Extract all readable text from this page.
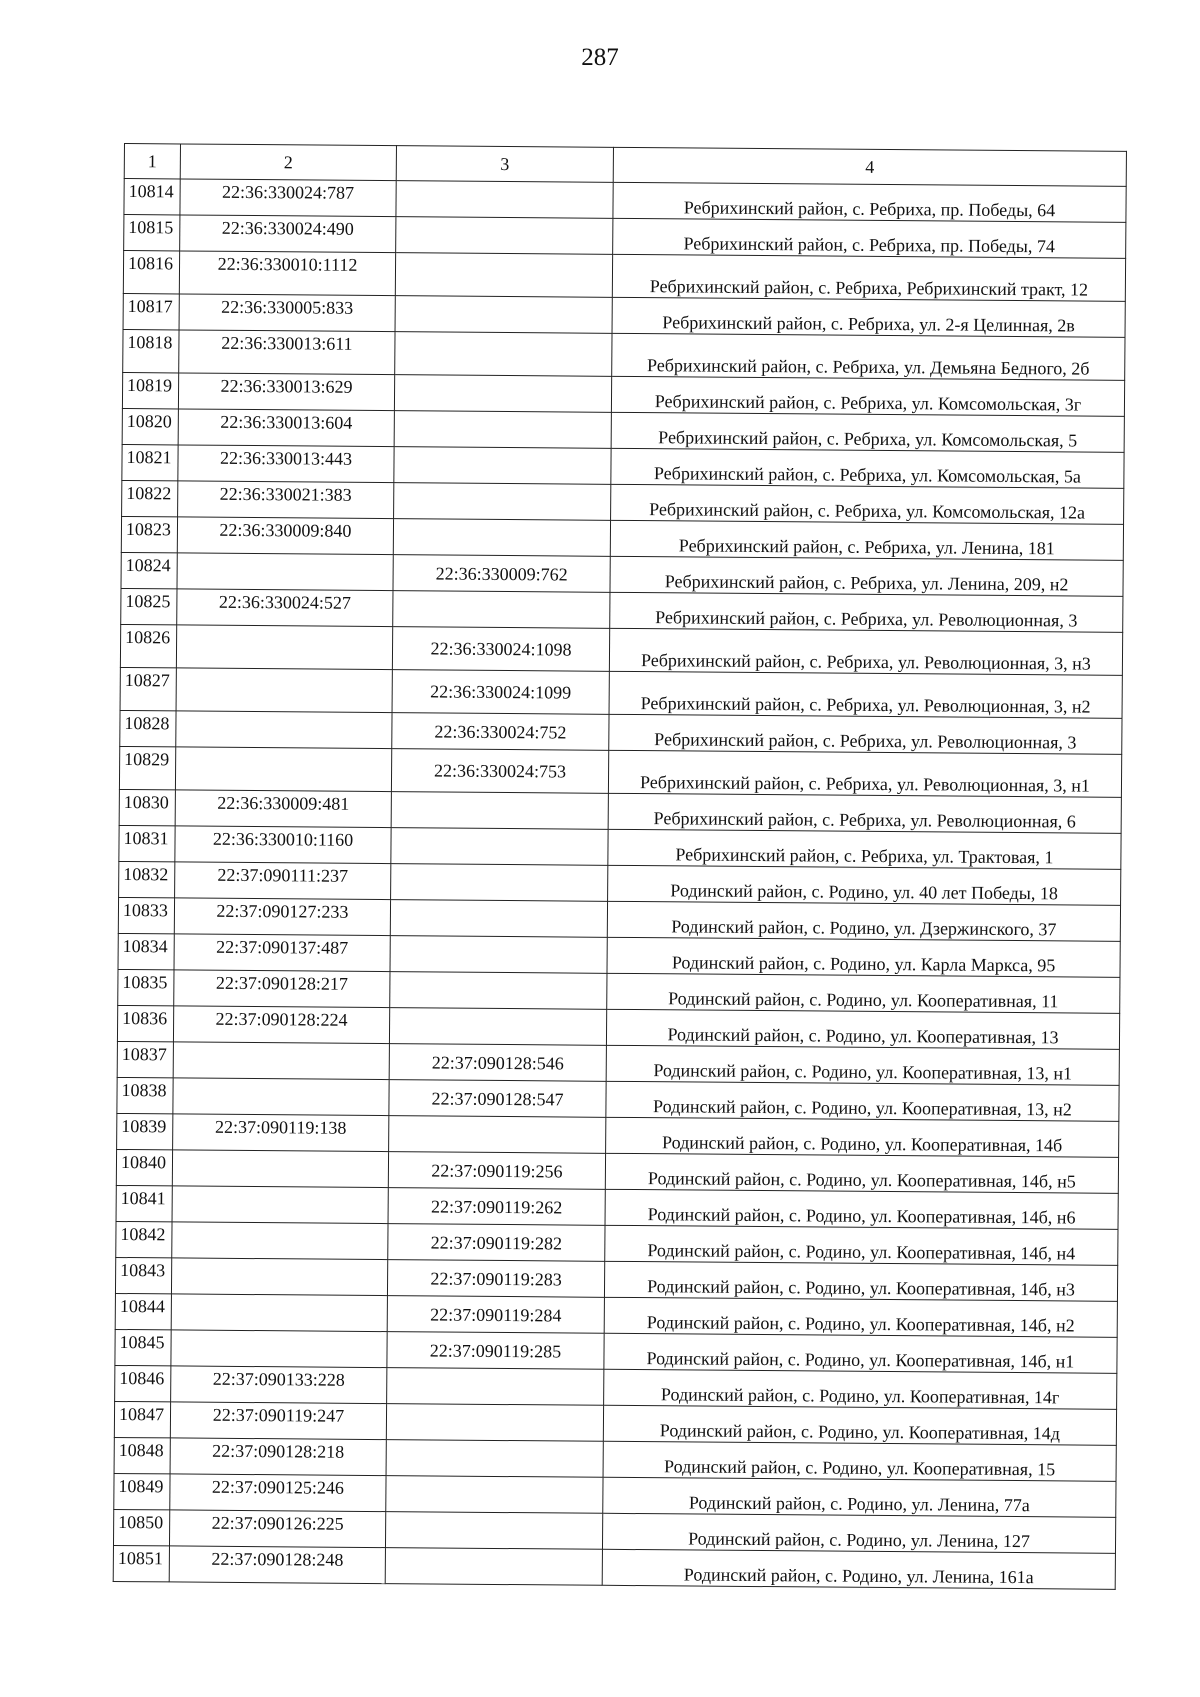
287
1	2	3	4
10814	22:36:330024:787		Ребрихинский район, с. Ребриха, пр. Победы, 64
10815	22:36:330024:490		Ребрихинский район, с. Ребриха, пр. Победы, 74
10816	22:36:330010:1112		Ребрихинский район, с. Ребриха, Ребрихинский тракт, 12
10817	22:36:330005:833		Ребрихинский район, с. Ребриха, ул. 2-я Целинная, 2в
10818	22:36:330013:611		Ребрихинский район, с. Ребриха, ул. Демьяна Бедного, 2б
10819	22:36:330013:629		Ребрихинский район, с. Ребриха, ул. Комсомольская, 3г
10820	22:36:330013:604		Ребрихинский район, с. Ребриха, ул. Комсомольская, 5
10821	22:36:330013:443		Ребрихинский район, с. Ребриха, ул. Комсомольская, 5а
10822	22:36:330021:383		Ребрихинский район, с. Ребриха, ул. Комсомольская, 12а
10823	22:36:330009:840		Ребрихинский район, с. Ребриха, ул. Ленина, 181
10824		22:36:330009:762	Ребрихинский район, с. Ребриха, ул. Ленина, 209, н2
10825	22:36:330024:527		Ребрихинский район, с. Ребриха, ул. Революционная, 3
10826		22:36:330024:1098	Ребрихинский район, с. Ребриха, ул. Революционная, 3, н3
10827		22:36:330024:1099	Ребрихинский район, с. Ребриха, ул. Революционная, 3, н2
10828		22:36:330024:752	Ребрихинский район, с. Ребриха, ул. Революционная, 3
10829		22:36:330024:753	Ребрихинский район, с. Ребриха, ул. Революционная, 3, н1
10830	22:36:330009:481		Ребрихинский район, с. Ребриха, ул. Революционная, 6
10831	22:36:330010:1160		Ребрихинский район, с. Ребриха, ул. Трактовая, 1
10832	22:37:090111:237		Родинский район, с. Родино, ул. 40 лет Победы, 18
10833	22:37:090127:233		Родинский район, с. Родино, ул. Дзержинского, 37
10834	22:37:090137:487		Родинский район, с. Родино, ул. Карла Маркса, 95
10835	22:37:090128:217		Родинский район, с. Родино, ул. Кооперативная, 11
10836	22:37:090128:224		Родинский район, с. Родино, ул. Кооперативная, 13
10837		22:37:090128:546	Родинский район, с. Родино, ул. Кооперативная, 13, н1
10838		22:37:090128:547	Родинский район, с. Родино, ул. Кооперативная, 13, н2
10839	22:37:090119:138		Родинский район, с. Родино, ул. Кооперативная, 14б
10840		22:37:090119:256	Родинский район, с. Родино, ул. Кооперативная, 14б, н5
10841		22:37:090119:262	Родинский район, с. Родино, ул. Кооперативная, 14б, н6
10842		22:37:090119:282	Родинский район, с. Родино, ул. Кооперативная, 14б, н4
10843		22:37:090119:283	Родинский район, с. Родино, ул. Кооперативная, 14б, н3
10844		22:37:090119:284	Родинский район, с. Родино, ул. Кооперативная, 14б, н2
10845		22:37:090119:285	Родинский район, с. Родино, ул. Кооперативная, 14б, н1
10846	22:37:090133:228		Родинский район, с. Родино, ул. Кооперативная, 14г
10847	22:37:090119:247		Родинский район, с. Родино, ул. Кооперативная, 14д
10848	22:37:090128:218		Родинский район, с. Родино, ул. Кооперативная, 15
10849	22:37:090125:246		Родинский район, с. Родино, ул. Ленина, 77а
10850	22:37:090126:225		Родинский район, с. Родино, ул. Ленина, 127
10851	22:37:090128:248		Родинский район, с. Родино, ул. Ленина, 161а
